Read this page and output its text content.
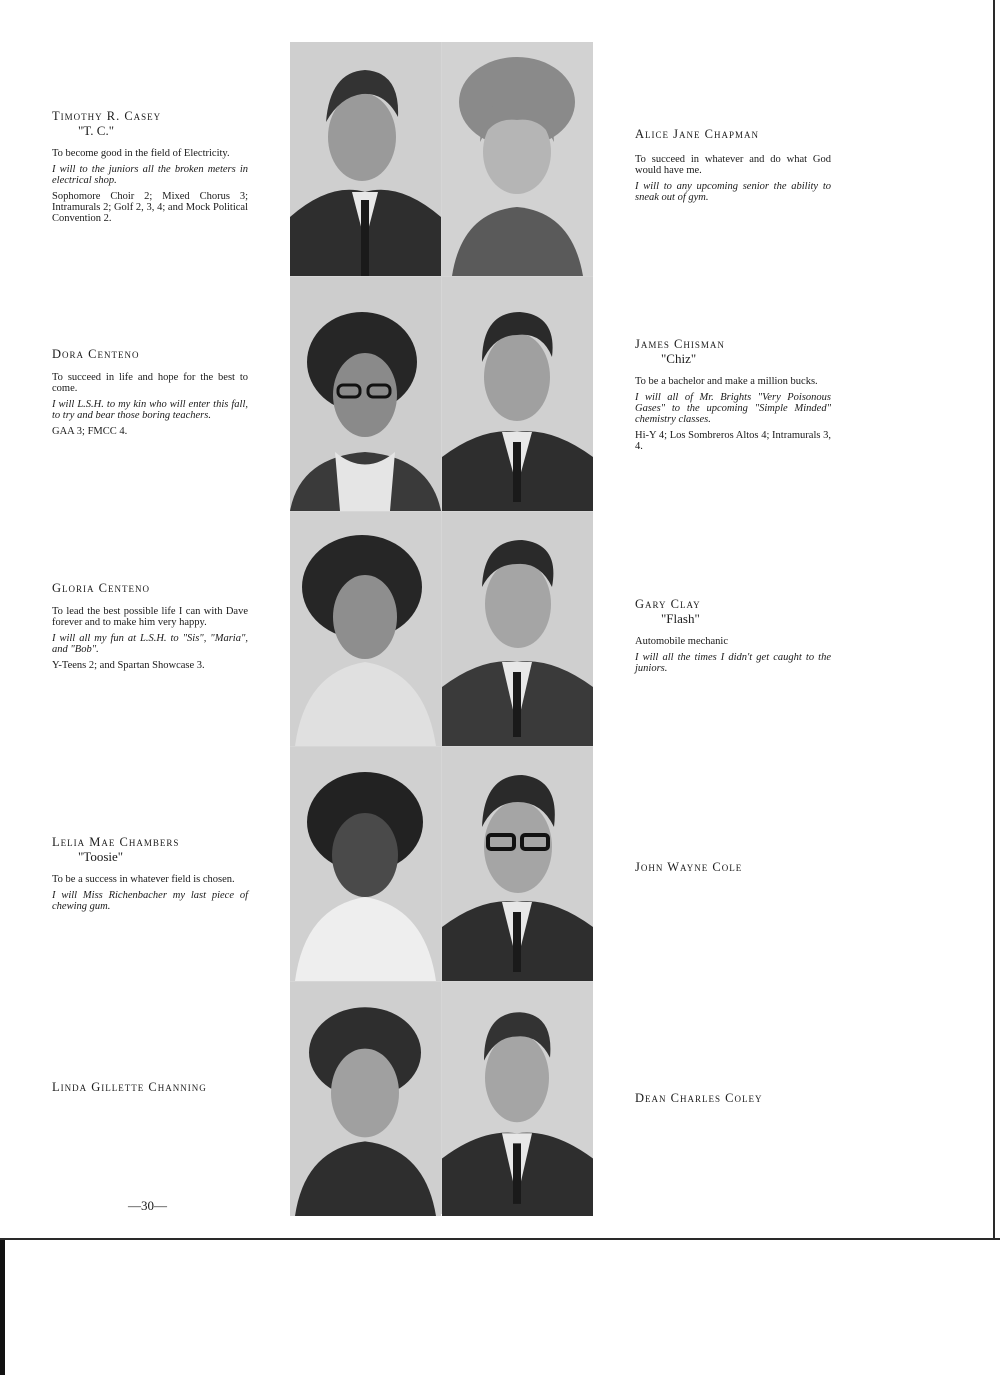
Timothy R. Casey

"T. C."

To become good in the field of Electricity.

I will to the juniors all the broken meters in electrical shop.

Sophomore Choir 2; Mixed Chorus 3; Intramurals 2; Golf 2, 3, 4; and Mock Political Convention 2.

Dora Centeno

To succeed in life and hope for the best to come.

I will L.S.H. to my kin who will enter this fall, to try and bear those boring teachers.

GAA 3; FMCC 4.

Gloria Centeno

To lead the best possible life I can with Dave forever and to make him very happy.

I will all my fun at L.S.H. to "Sis", "Maria", and "Bob".

Y-Teens 2; and Spartan Showcase 3.

Lelia Mae Chambers

"Toosie"

To be a success in whatever field is chosen.

I will Miss Richenbacher my last piece of chewing gum.

Linda Gillette Channing

Alice Jane Chapman

To succeed in whatever and do what God would have me.

I will to any upcoming senior the ability to sneak out of gym.

James Chisman

"Chiz"

To be a bachelor and make a million bucks.

I will all of Mr. Brights "Very Poisonous Gases" to the upcoming "Simple Minded" chemistry classes.

Hi-Y 4; Los Sombreros Altos 4; Intramurals 3, 4.

Gary Clay

"Flash"

Automobile mechanic

I will all the times I didn't get caught to the juniors.

John Wayne Cole

Dean Charles Coley

—30—
